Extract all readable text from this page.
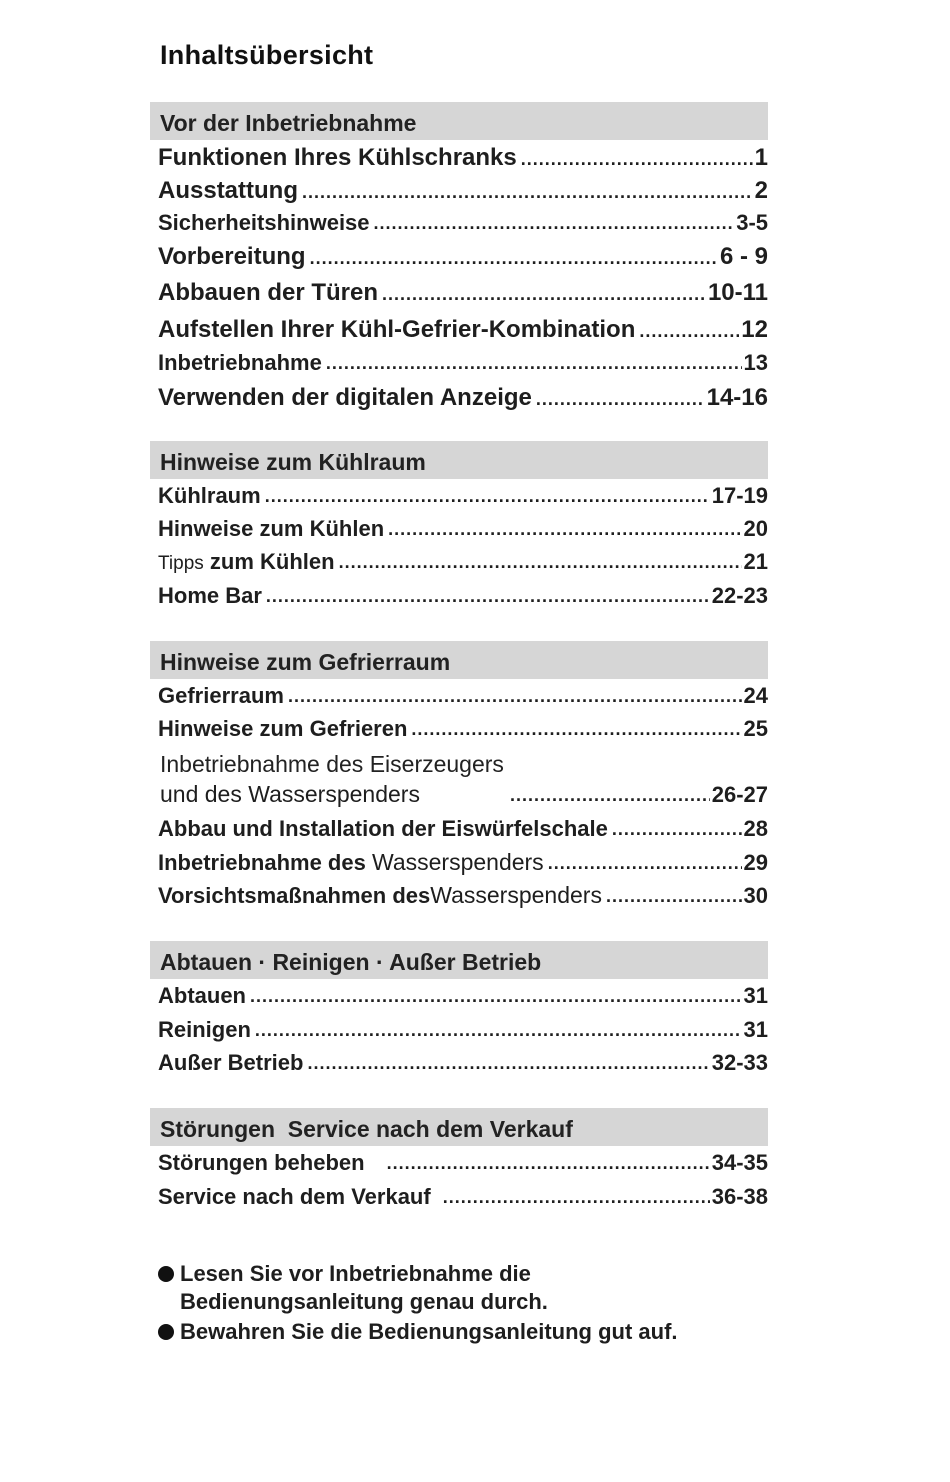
Inhaltsübersicht
Vor der Inbetriebnahme
Funktionen Ihres Kühlschranks .....	1
Ausstattung .....	2
Sicherheitshinweise .....	3-5
Vorbereitung .....	6 - 9
Abbauen der Türen .....	10-11
Aufstellen Ihrer Kühl-Gefrier-Kombination .....	12
Inbetriebnahme .....	13
Verwenden der digitalen Anzeige .....	14-16
Hinweise zum Kühlraum
Kühlraum .....	17-19
Hinweise zum Kühlen .....	20
Tipps zum Kühlen .....	21
Home Bar .....	22-23
Hinweise zum Gefrierraum
Gefrierraum .....	24
Hinweise zum Gefrieren .....	25
Inbetriebnahme des Eiserzeugers
und des Wasserspenders .....	26-27
Abbau und Installation der Eiswürfelschale .....	28
Inbetriebnahme des Wasserspenders .....	29
Vorsichtsmaßnahmen desWasserspenders .....	30
Abtauen · Reinigen · Außer Betrieb
Abtauen .....	31
Reinigen .....	31
Außer Betrieb .....	32-33
Störungen  Service nach dem Verkauf
Störungen beheben .....	34-35
Service nach dem Verkauf .....	36-38
Lesen Sie vor Inbetriebnahme die
Bedienungsanleitung genau durch.
Bewahren Sie die Bedienungsanleitung gut auf.
